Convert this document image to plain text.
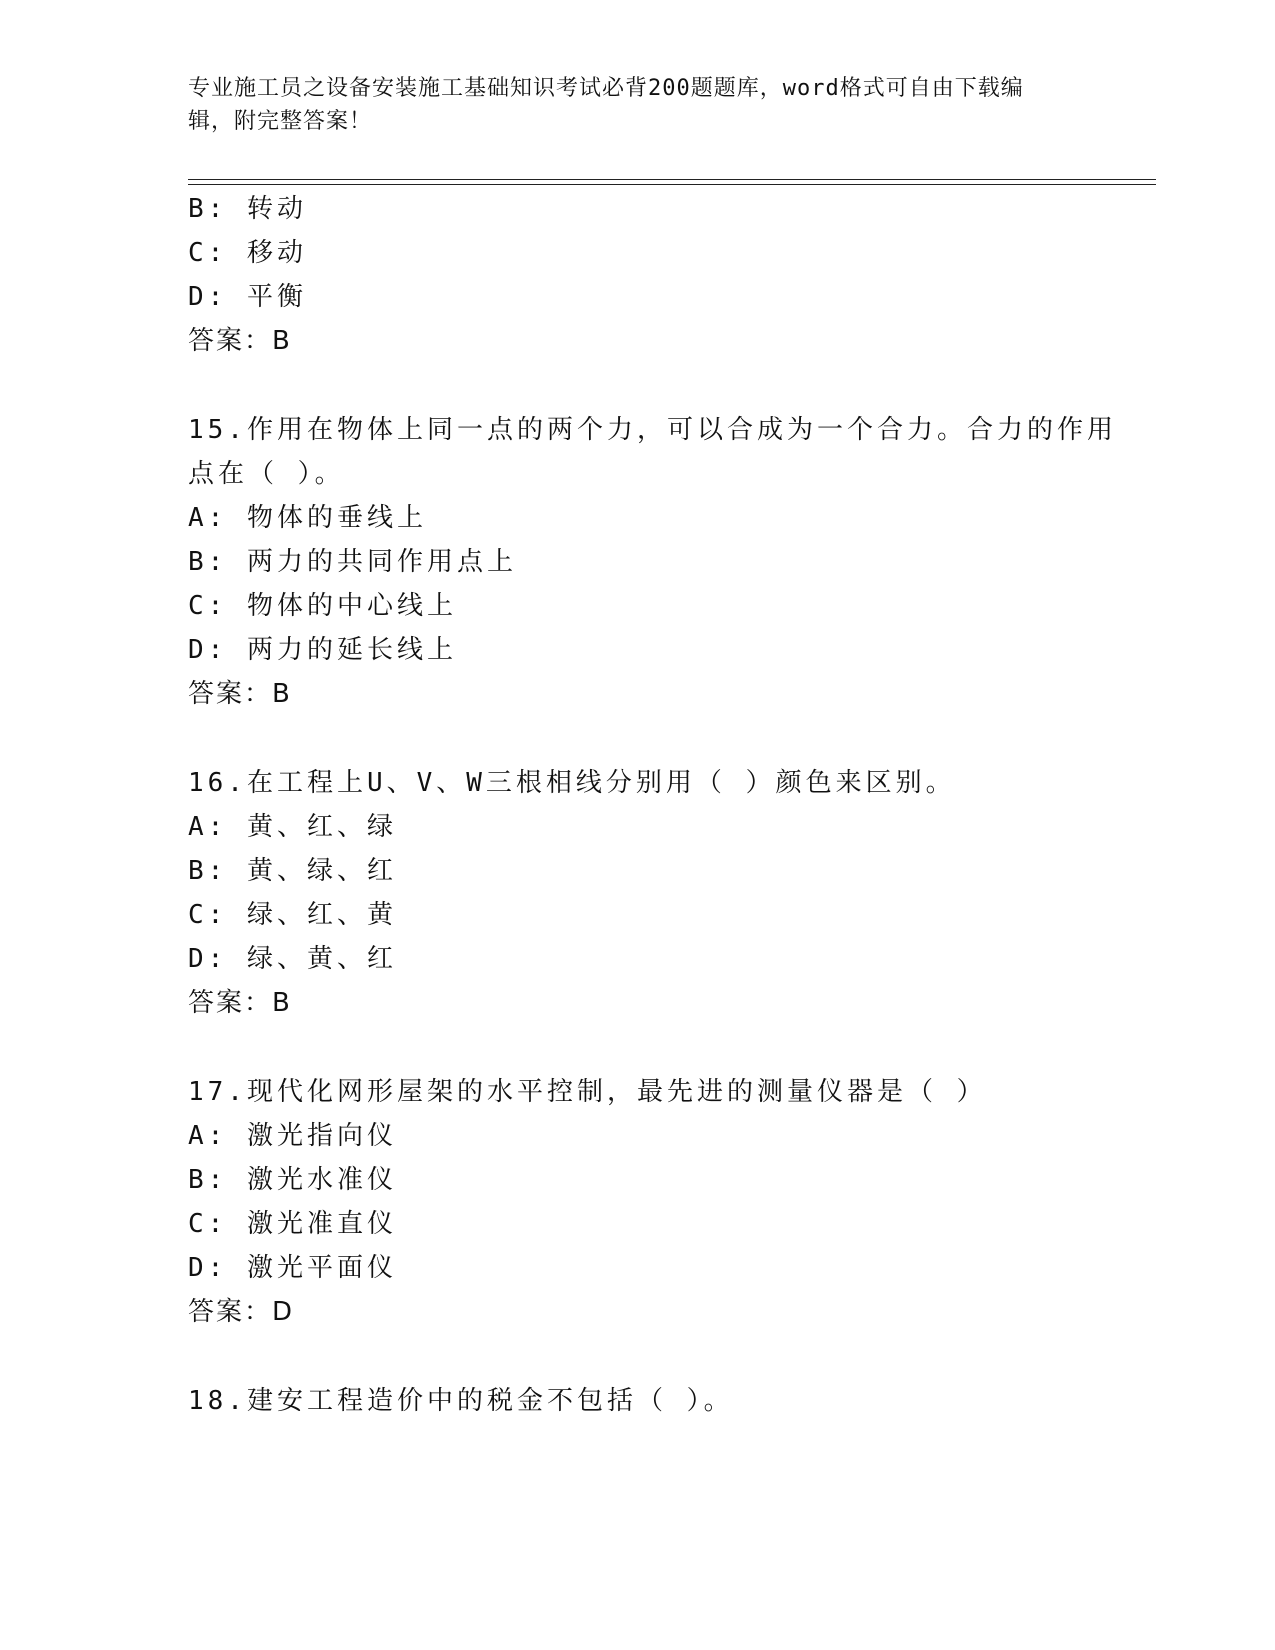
专业施工员之设备安装施工基础知识考试必背200题题库，word格式可自由下载编辑，附完整答案！
B: 转动
C: 移动
D: 平衡
答案：B
15.作用在物体上同一点的两个力，可以合成为一个合力。合力的作用
点在（ ）。
A: 物体的垂线上
B: 两力的共同作用点上
C: 物体的中心线上
D: 两力的延长线上
答案：B
16.在工程上U、V、W三根相线分别用（ ）颜色来区别。
A: 黄、红、绿
B: 黄、绿、红
C: 绿、红、黄
D: 绿、黄、红
答案：B
17.现代化网形屋架的水平控制，最先进的测量仪器是（ ）
A: 激光指向仪
B: 激光水准仪
C: 激光准直仪
D: 激光平面仪
答案：D
18.建安工程造价中的税金不包括（ ）。
